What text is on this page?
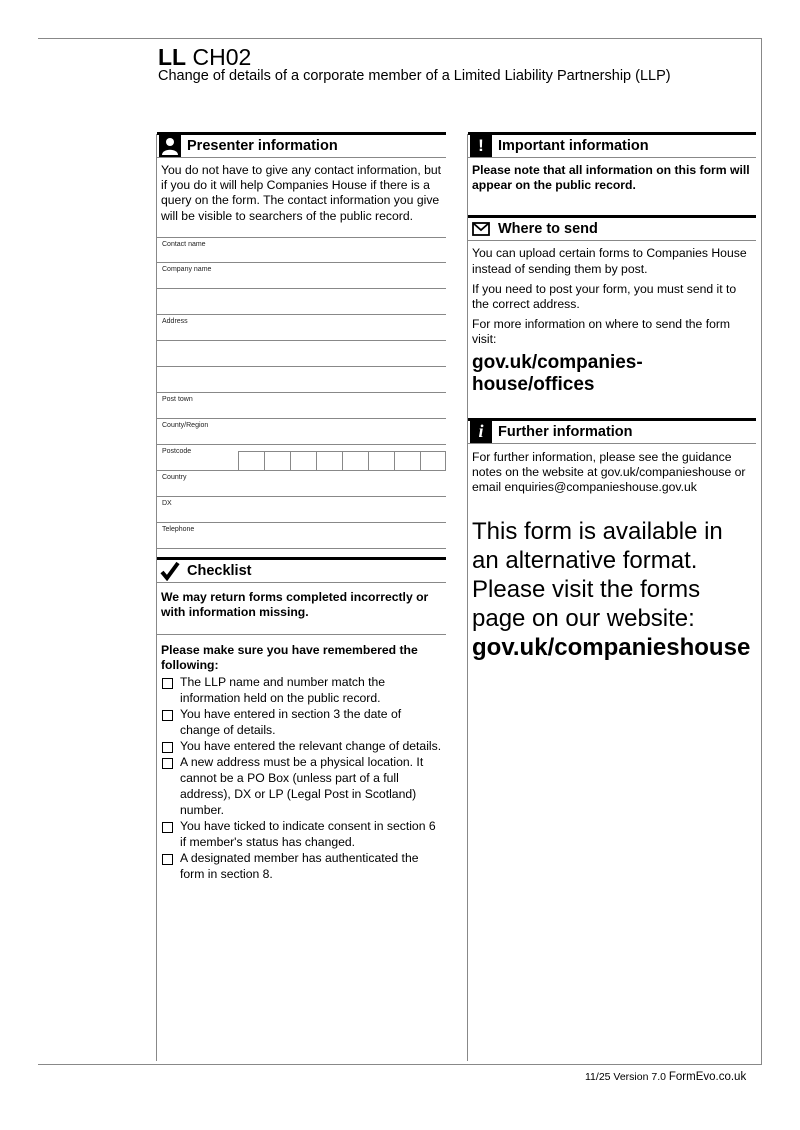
LL CH02
Change of details of a corporate member of a Limited Liability Partnership (LLP)
Presenter information
You do not have to give any contact information, but if you do it will help Companies House if there is a query on the form. The contact information you give will be visible to searchers of the public record.
Contact name
Company name
Address
Post town
County/Region
Postcode
Country
DX
Telephone
Checklist
We may return forms completed incorrectly or with information missing.
Please make sure you have remembered the following:
The LLP name and number match the information held on the public record.
You have entered in section 3 the date of change of details.
You have entered the relevant change of details.
A new address must be a physical location. It cannot be a PO Box (unless part of a full address), DX or LP (Legal Post in Scotland) number.
You have ticked to indicate consent in section 6 if member's status has changed.
A designated member has authenticated the form in section 8.
! Important information
Please note that all information on this form will appear on the public record.
Where to send
You can upload certain forms to Companies House instead of sending them by post.
If you need to post your form, you must send it to the correct address.
For more information on where to send the form visit:
gov.uk/companies-house/offices
i	Further information
For further information, please see the guidance notes on the website at gov.uk/companieshouse or email enquiries@companieshouse.gov.uk
This form is available in an alternative format. Please visit the forms page on our website:
gov.uk/companieshouse
11/25 Version 7.0 FormEvo.co.uk
